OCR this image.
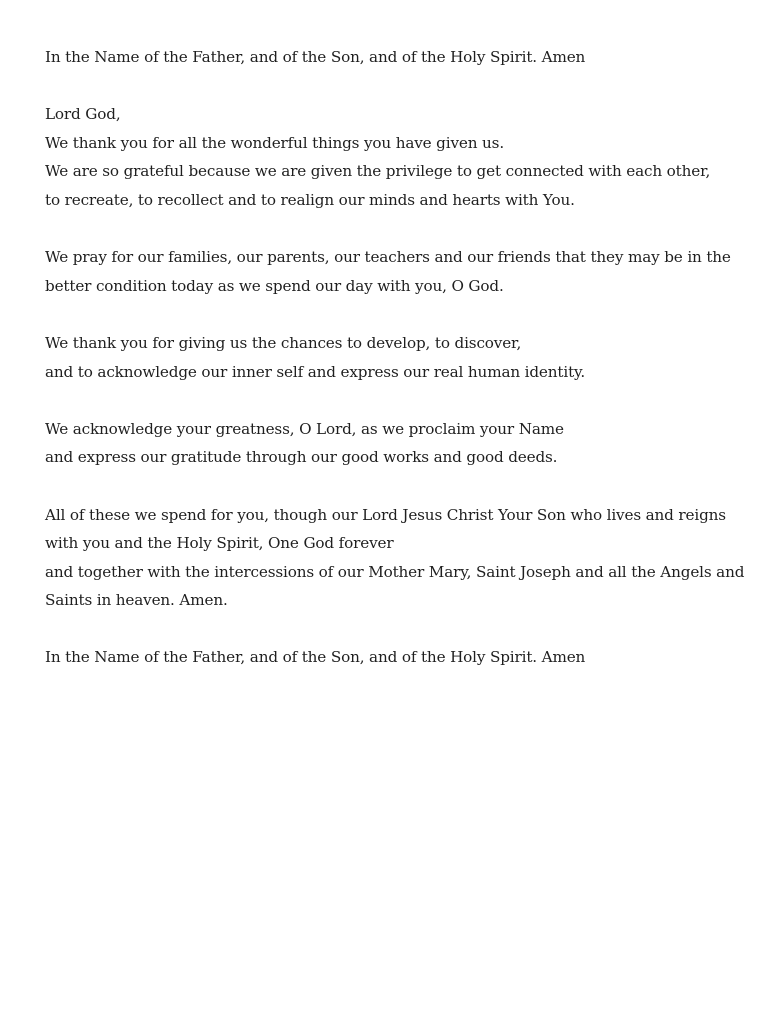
In the Name of the Father, and of the Son, and of the Holy Spirit. Amen

Lord God,
We thank you for all the wonderful things you have given us.
We are so grateful because we are given the privilege to get connected with each other,
to recreate, to recollect and to realign our minds and hearts with You.

We pray for our families, our parents, our teachers and our friends that they may be in the
better condition today as we spend our day with you, O God.

We thank you for giving us the chances to develop, to discover,
and to acknowledge our inner self and express our real human identity.

We acknowledge your greatness, O Lord, as we proclaim your Name
and express our gratitude through our good works and good deeds.

All of these we spend for you, though our Lord Jesus Christ Your Son who lives and reigns
with you and the Holy Spirit, One God forever
and together with the intercessions of our Mother Mary, Saint Joseph and all the Angels and
Saints in heaven. Amen.

In the Name of the Father, and of the Son, and of the Holy Spirit. Amen
